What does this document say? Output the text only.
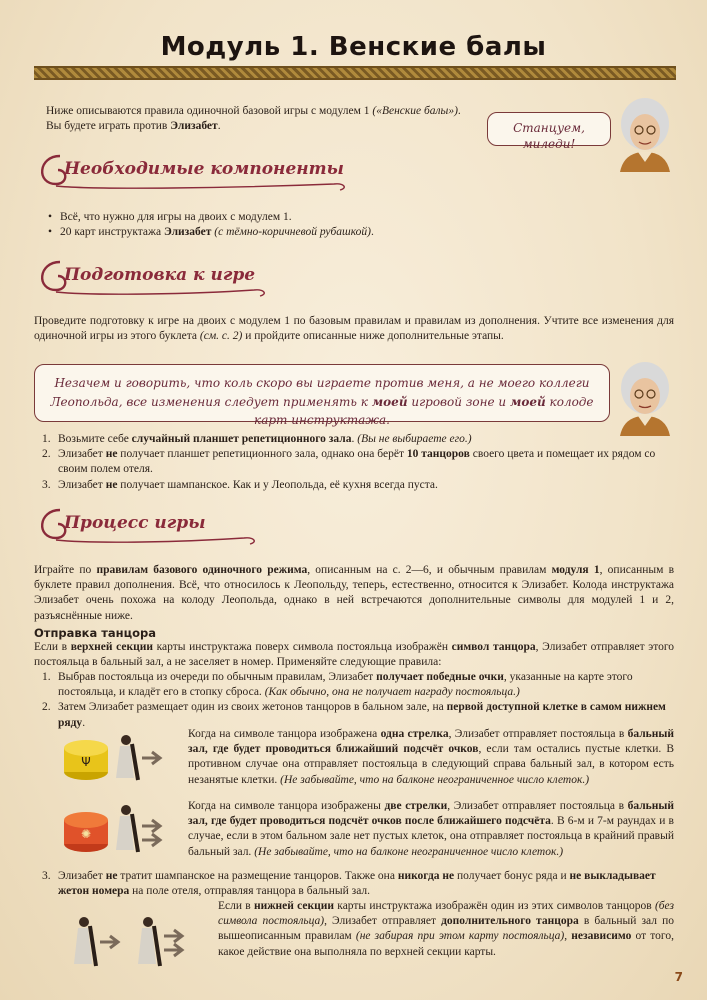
Модуль 1. Венские балы
Ниже описываются правила одиночной базовой игры с модулем 1 («Венские балы»). Вы будете играть против Элизабет.	Станцуем, миледи!
Необходимые компоненты
• Всё, что нужно для игры на двоих с модулем 1.
• 20 карт инструктажа Элизабет (с тёмно-коричневой рубашкой).
Подготовка к игре
Проведите подготовку к игре на двоих с модулем 1 по базовым правилам и правилам из дополнения. Учтите все изменения для одиночной игры из этого буклета (см. с. 2) и пройдите описанные ниже дополнительные этапы.
Незачем и говорить, что коль скоро вы играете против меня, а не моего коллеги Леопольда, все изменения следует применять к моей игровой зоне и моей колоде карт инструктажа.
1. Возьмите себе случайный планшет репетиционного зала. (Вы не выбираете его.)
2. Элизабет не получает планшет репетиционного зала, однако она берёт 10 танцоров своего цвета и помещает их рядом со своим полем отеля.
3. Элизабет не получает шампанское. Как и у Леопольда, её кухня всегда пуста.
Процесс игры
Играйте по правилам базового одиночного режима, описанным на с. 2—6, и обычным правилам модуля 1, описанным в буклете правил дополнения. Всё, что относилось к Леопольду, теперь, естественно, относится к Элизабет. Колода инструктажа Элизабет очень похожа на колоду Леопольда, однако в ней встречаются дополнительные символы для модулей 1 и 2, разъяснённые ниже.
Отправка танцора
Если в верхней секции карты инструктажа поверх символа постояльца изображён символ танцора, Элизабет отправляет этого постояльца в бальный зал, а не заселяет в номер. Применяйте следующие правила:
1. Выбрав постояльца из очереди по обычным правилам, Элизабет получает победные очки, указанные на карте этого постояльца, и кладёт его в стопку сброса. (Как обычно, она не получает награду постояльца.)
2. Затем Элизабет размещает один из своих жетонов танцоров в бальном зале, на первой доступной клетке в самом нижнем ряду.
Ψ
Когда на символе танцора изображена одна стрелка, Элизабет отправляет постояльца в бальный зал, где будет проводиться ближайший подсчёт очков, если там остались пустые клетки. В противном случае она отправляет постояльца в следующий справа бальный зал, в котором есть незанятые клетки. (Не забывайте, что на балконе неограниченное число клеток.)
✺
Когда на символе танцора изображены две стрелки, Элизабет отправляет постояльца в бальный зал, где будет проводиться подсчёт очков после ближайшего подсчёта. В 6-м и 7-м раундах и в случае, если в этом бальном зале нет пустых клеток, она отправляет постояльца в крайний правый бальный зал. (Не забывайте, что на балконе неограниченное число клеток.)
3. Элизабет не тратит шампанское на размещение танцоров. Также она никогда не получает бонус ряда и не выкладывает жетон номера на поле отеля, отправляя танцора в бальный зал.
Если в нижней секции карты инструктажа изображён один из этих символов танцоров (без символа постояльца), Элизабет отправляет дополнительного танцора в бальный зал по вышеописанным правилам (не забирая при этом карту постояльца), независимо от того, какое действие она выполняла по верхней секции карты.
7
